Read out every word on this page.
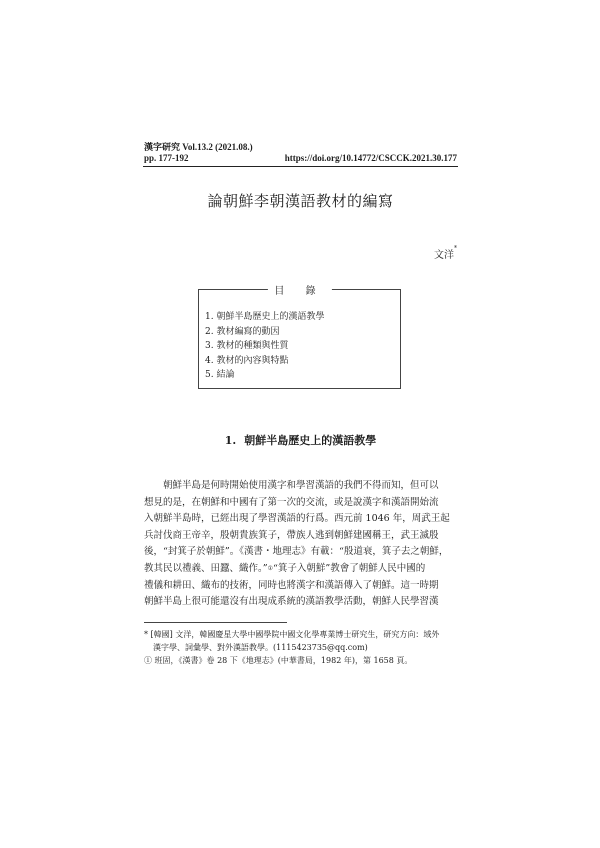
漢字研究 Vol.13.2 (2021.08.)
pp. 177-192	https://doi.org/10.14772/CSCCK.2021.30.177
論朝鮮李朝漢語教材的編寫
文洋*
目 錄
1. 朝鮮半島歷史上的漢語教學
2. 教材編寫的動因
3. 教材的種類與性質
4. 教材的內容與特點
5. 結論
1. 朝鮮半島歷史上的漢語教學
　　朝鮮半島是何時開始使用漢字和學習漢語的我們不得而知，但可以
想見的是，在朝鮮和中國有了第一次的交流，或是說漢字和漢語開始流
入朝鮮半島時，已經出現了學習漢語的行爲。西元前 1046 年，周武王起
兵討伐商王帝辛，殷朝貴族箕子，帶族人逃到朝鮮建國稱王，武王滅殷
後，“封箕子於朝鮮”。《漢書・地理志》有載：“殷道衰，箕子去之朝鮮，
教其民以禮義、田蠶、織作。”①“箕子入朝鮮”教會了朝鮮人民中國的
禮儀和耕田、織布的技術，同時也將漢字和漢語傳入了朝鮮。這一時期
朝鮮半島上很可能還沒有出現成系統的漢語教學活動，朝鮮人民學習漢
* [韓國] 文洋，韓國慶星大學中國學院中國文化學專業博士研究生，研究方向：域外
漢字學、詞彙學、對外漢語教學。(1115423735@qq.com)
① 班固，《漢書》卷 28 下《地理志》(中華書局，1982 年)，第 1658 頁。
